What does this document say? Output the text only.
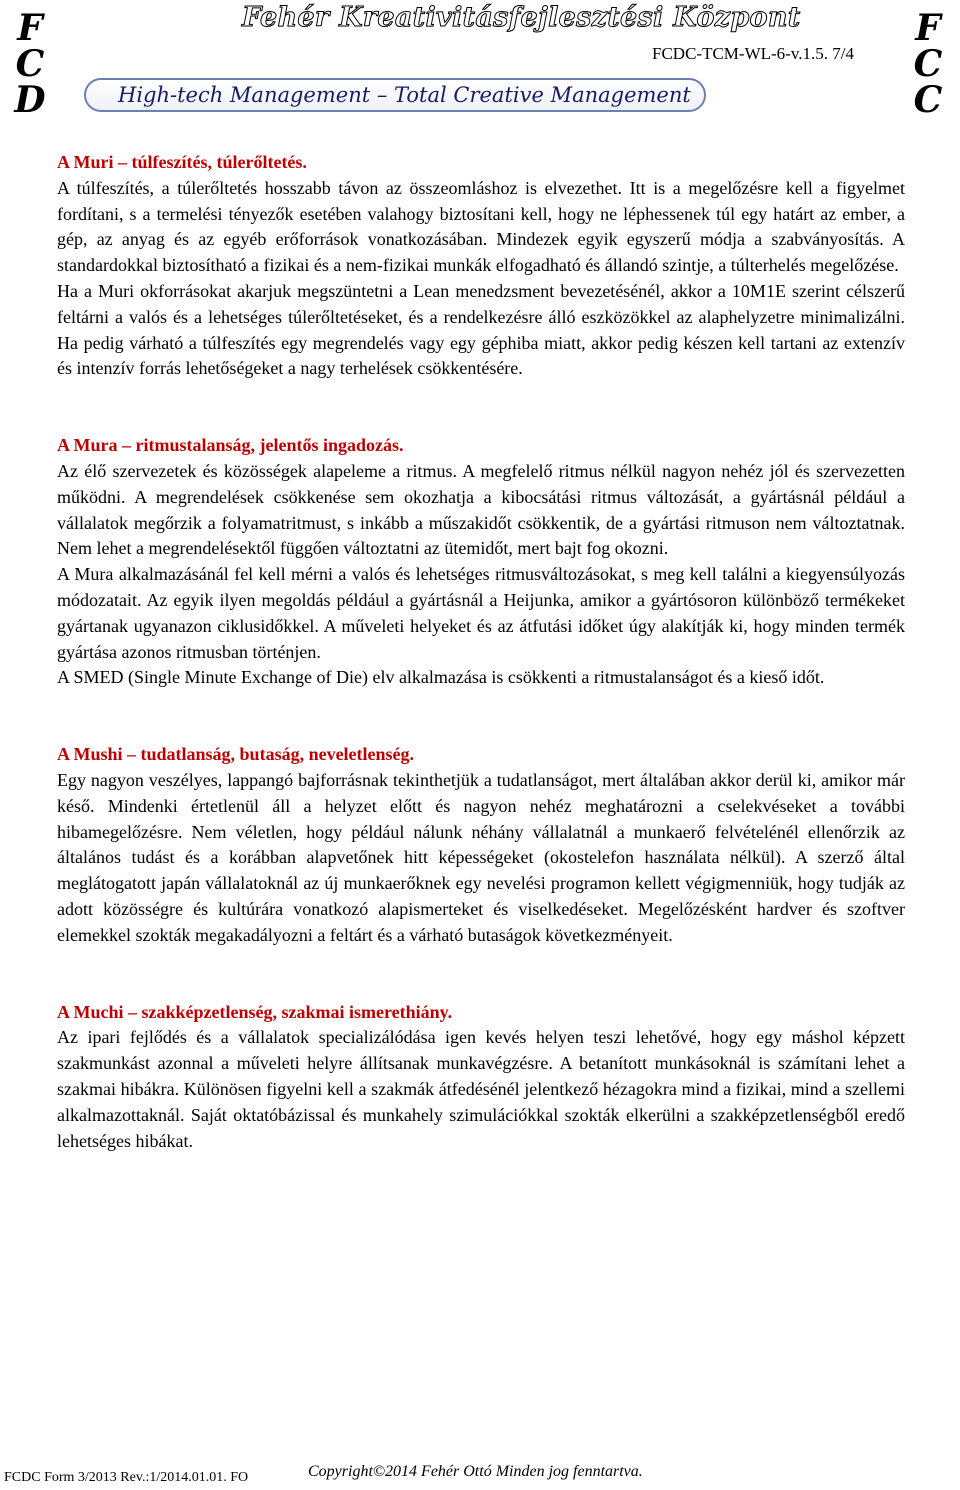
F
C
D
F
C
C
Fehér Kreativitásfejlesztési Központ
FCDC-TCM-WL-6-v.1.5. 7/4
High-tech Management – Total Creative Management

A Muri – túlfeszítés, túlerőltetés.

A túlfeszítés, a túlerőltetés hosszabb távon az összeomláshoz is elvezethet. Itt is a megelőzésre kell a figyelmet fordítani, s a termelési tényezők esetében valahogy biztosítani kell, hogy ne léphessenek túl egy határt az ember, a gép, az anyag és az egyéb erőforrások vonatkozásában. Mindezek egyik egyszerű módja a szabványosítás. A standardokkal biztosítható a fizikai és a nem-fizikai munkák elfogadható és állandó szintje, a túlterhelés megelőzése.

Ha a Muri okforrásokat akarjuk megszüntetni a Lean menedzsment bevezetésénél, akkor a 10M1E szerint célszerű feltárni a valós és a lehetséges túlerőltetéseket, és a rendelkezésre álló eszközökkel az alaphelyzetre minimalizálni. Ha pedig várható a túlfeszítés egy megrendelés vagy egy géphiba miatt, akkor pedig készen kell tartani az extenzív és intenzív forrás lehetőségeket a nagy terhelések csökkentésére.

A Mura – ritmustalanság, jelentős ingadozás.

Az élő szervezetek és közösségek alapeleme a ritmus. A megfelelő ritmus nélkül nagyon nehéz jól és szervezetten működni. A megrendelések csökkenése sem okozhatja a kibocsátási ritmus változását, a gyártásnál például a vállalatok megőrzik a folyamatritmust, s inkább a műszakidőt csökkentik, de a gyártási ritmuson nem változtatnak. Nem lehet a megrendelésektől függően változtatni az ütemidőt, mert bajt fog okozni.

A Mura alkalmazásánál fel kell mérni a valós és lehetséges ritmusváltozásokat, s meg kell találni a kiegyensúlyozás módozatait. Az egyik ilyen megoldás például a gyártásnál a Heijunka, amikor a gyártósoron különböző termékeket gyártanak ugyanazon ciklusidőkkel. A műveleti helyeket és az átfutási időket úgy alakítják ki, hogy minden termék gyártása azonos ritmusban történjen.

A SMED (Single Minute Exchange of Die) elv alkalmazása is csökkenti a ritmustalanságot és a kieső időt.

A Mushi – tudatlanság, butaság, neveletlenség.

Egy nagyon veszélyes, lappangó bajforrásnak tekinthetjük a tudatlanságot, mert általában akkor derül ki, amikor már késő. Mindenki értetlenül áll a helyzet előtt és nagyon nehéz meghatározni a cselekvéseket a további hibamegelőzésre. Nem véletlen, hogy például nálunk néhány vállalatnál a munkaerő felvételénél ellenőrzik az általános tudást és a korábban alapvetőnek hitt képességeket (okostelefon használata nélkül). A szerző által meglátogatott japán vállalatoknál az új munkaerőknek egy nevelési programon kellett végigmenniük, hogy tudják az adott közösségre és kultúrára vonatkozó alapismerteket és viselkedéseket. Megelőzésként hardver és szoftver elemekkel szokták megakadályozni a feltárt és a várható butaságok következményeit.

A Muchi – szakképzetlenség, szakmai ismerethiány.

Az ipari fejlődés és a vállalatok specializálódása igen kevés helyen teszi lehetővé, hogy egy máshol képzett szakmunkást azonnal a műveleti helyre állítsanak munkavégzésre. A betanított munkásoknál is számítani lehet a szakmai hibákra. Különösen figyelni kell a szakmák átfedésénél jelentkező hézagokra mind a fizikai, mind a szellemi alkalmazottaknál. Saját oktatóbázissal és munkahely szimulációkkal szokták elkerülni a szakképzetlenségből eredő lehetséges hibákat.

FCDC Form 3/2013 Rev.:1/2014.01.01. FO	Copyright©2014 Fehér Ottó Minden jog fenntartva.
